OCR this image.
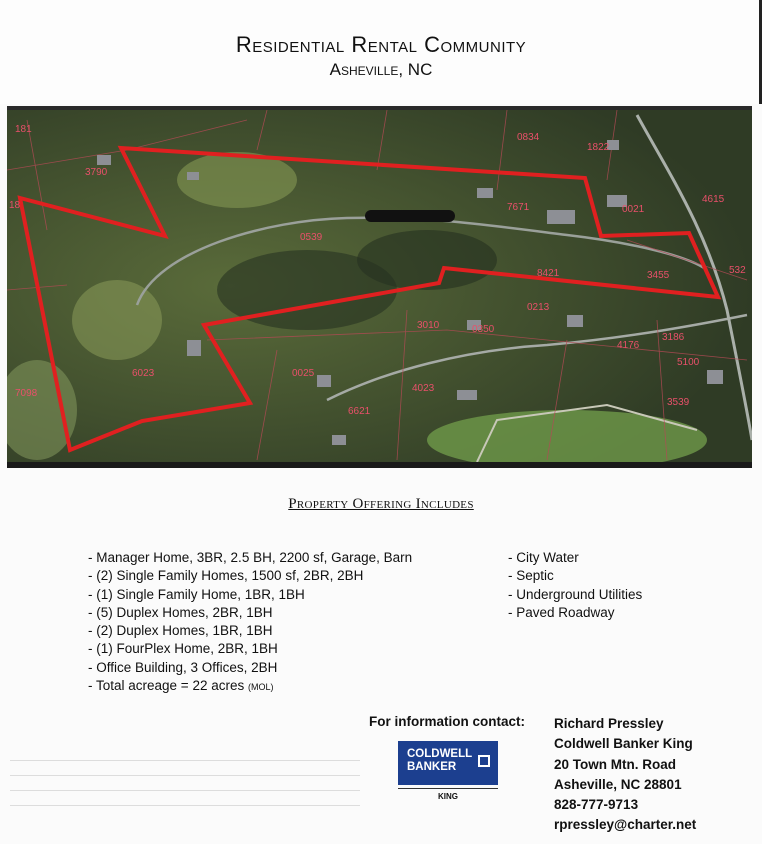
Residential Rental Community
Asheville, NC
181
3790
18
7098
6023
0539
7671	0021
8421	3455
0213
0350
0025
4023
0834
4176
3186
5100
3539
532
1822
4615
3010
6621
Property Offering Includes
- Manager Home, 3BR, 2.5 BH, 2200 sf, Garage, Barn
- (2) Single Family Homes, 1500 sf, 2BR, 2BH
- (1) Single Family Home, 1BR, 1BH
- (5) Duplex Homes, 2BR, 1BH
- (2) Duplex Homes, 1BR, 1BH
- (1) FourPlex Home, 2BR, 1BH
- Office Building, 3 Offices, 2BH
- Total acreage = 22 acres (MOL)
- City Water
- Septic
- Underground Utilities
- Paved Roadway
For information contact:
COLDWELL
BANKER
KING
Richard Pressley
Coldwell Banker King
20 Town Mtn. Road
Asheville, NC 28801
828-777-9713
rpressley@charter.net
